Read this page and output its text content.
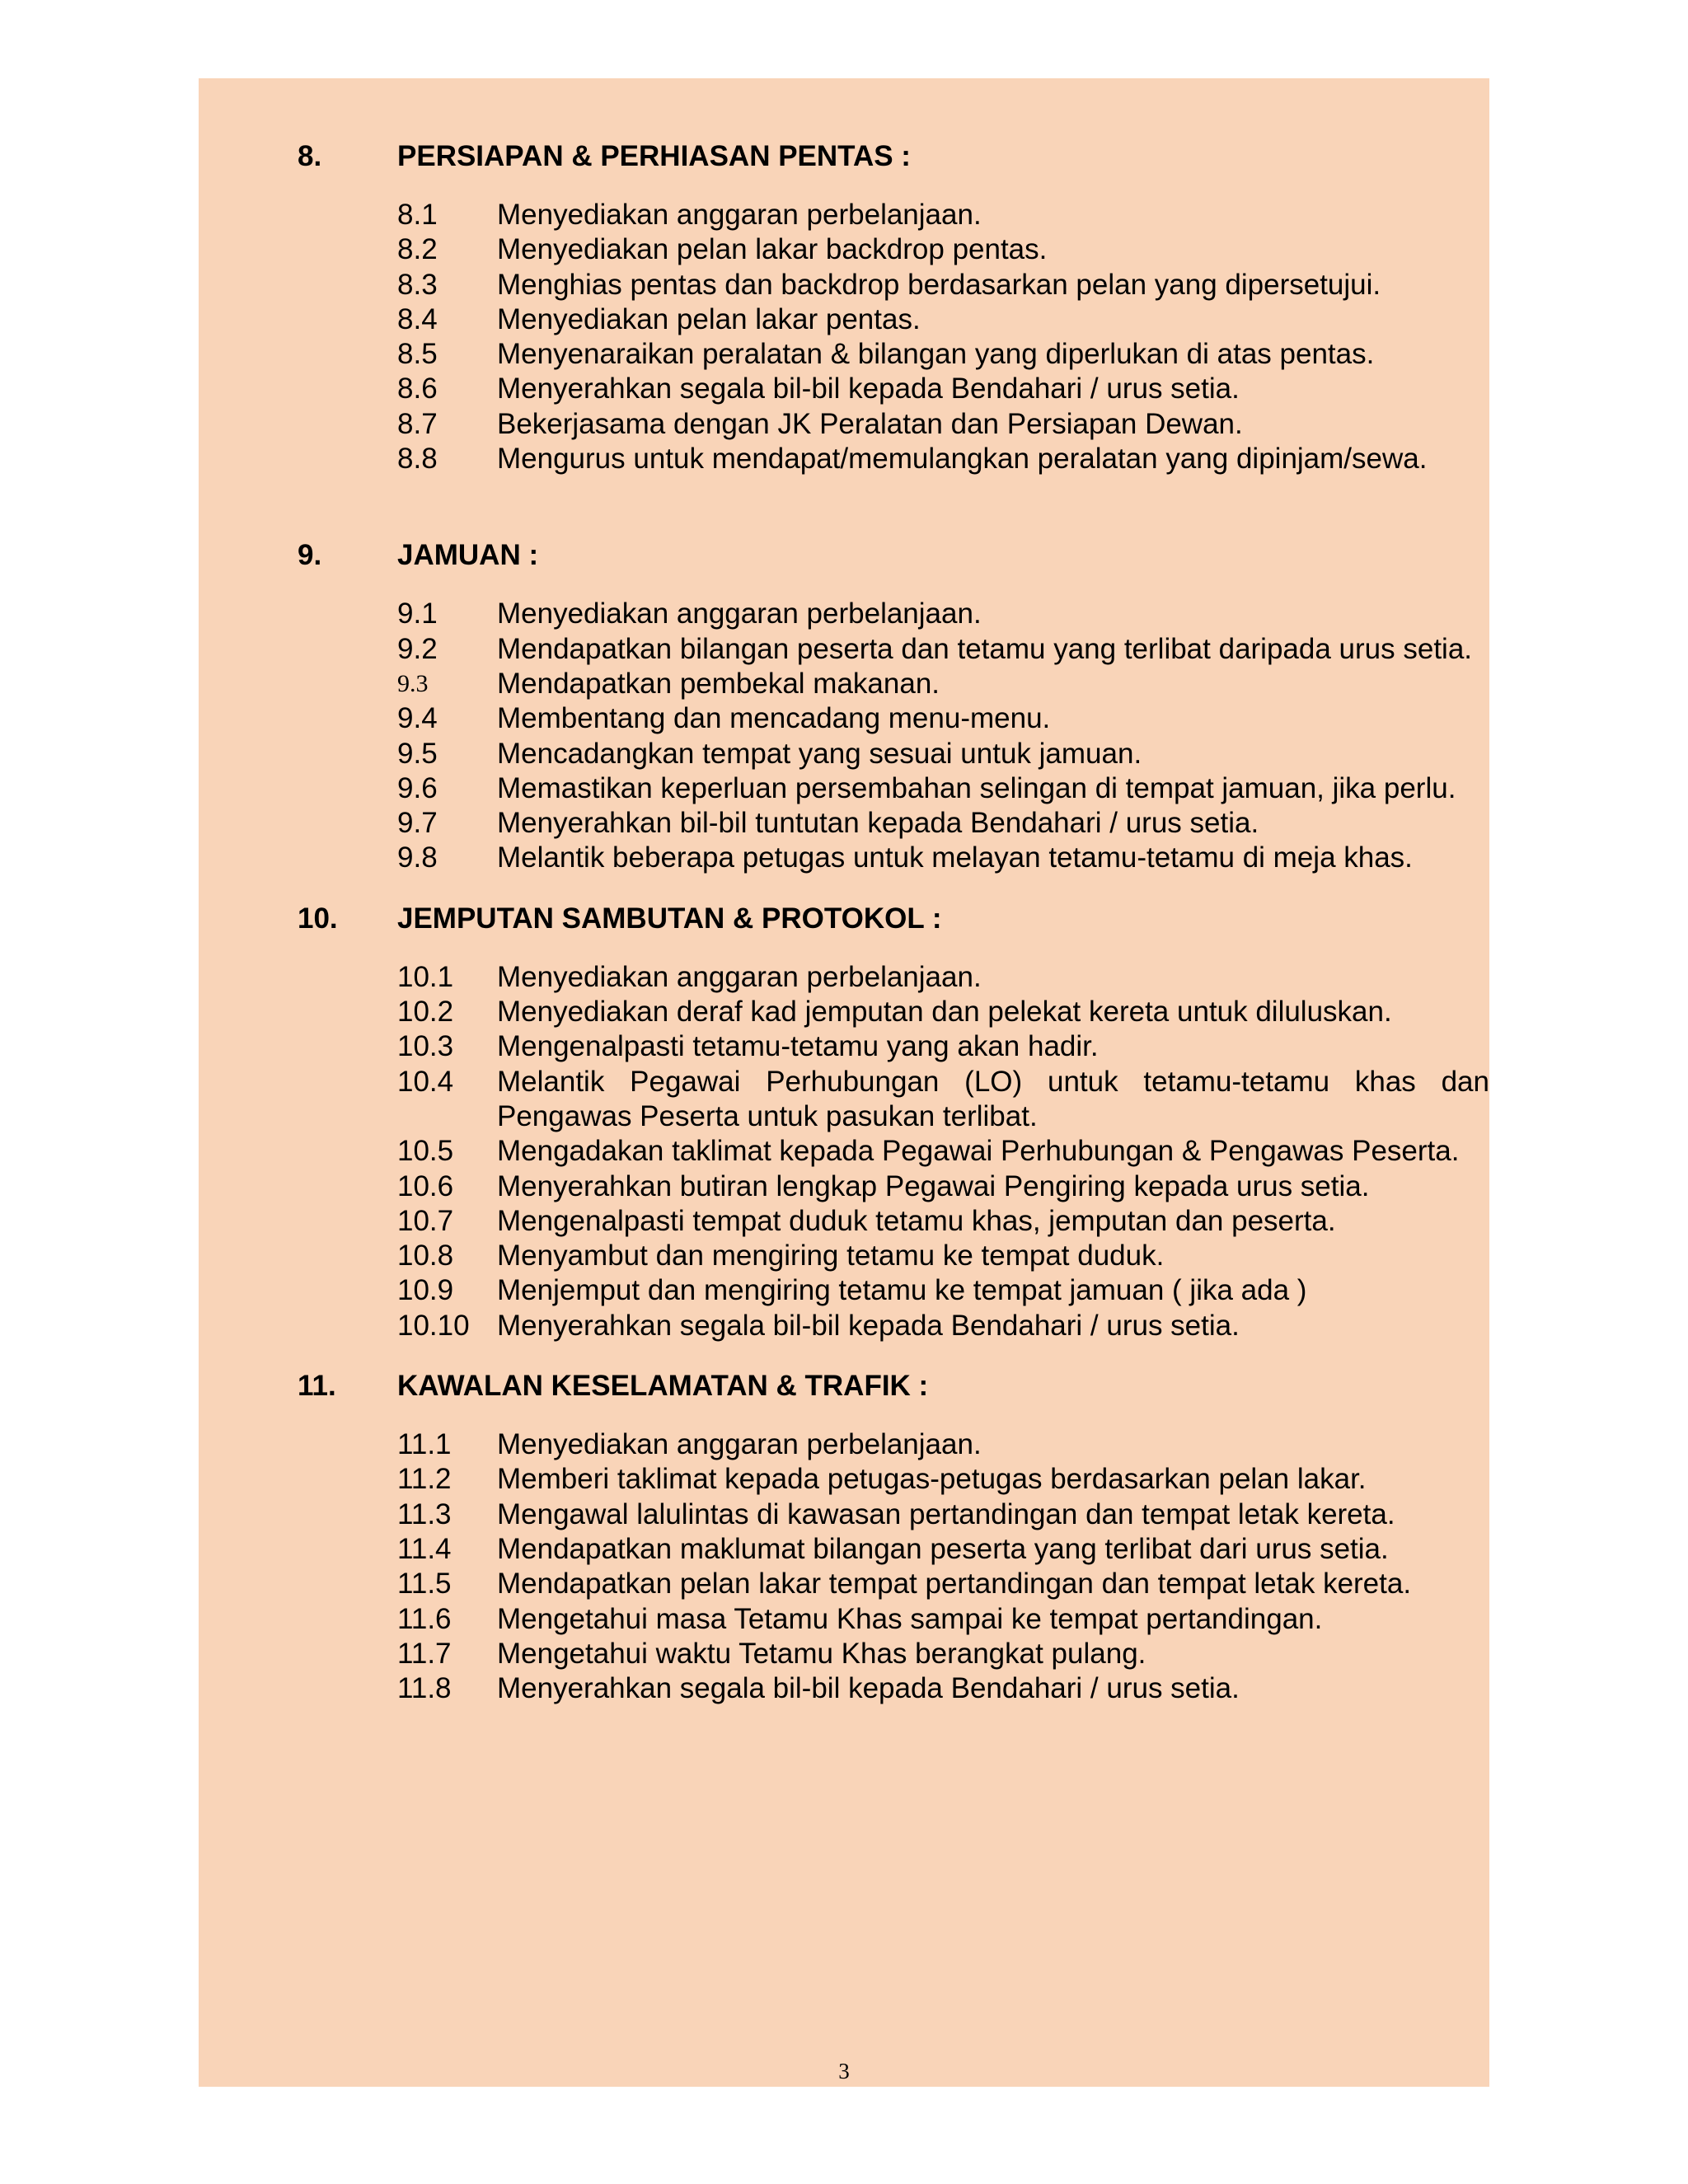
8.	PERSIAPAN & PERHIASAN PENTAS :
8.1	Menyediakan anggaran perbelanjaan.
8.2	Menyediakan pelan lakar backdrop pentas.
8.3	Menghias pentas dan backdrop berdasarkan pelan yang dipersetujui.
8.4	Menyediakan pelan lakar pentas.
8.5	Menyenaraikan peralatan & bilangan yang diperlukan di atas pentas.
8.6	Menyerahkan segala bil-bil kepada Bendahari / urus setia.
8.7	Bekerjasama dengan JK Peralatan dan Persiapan Dewan.
8.8	Mengurus untuk mendapat/memulangkan peralatan yang dipinjam/sewa.
9.	JAMUAN :
9.1	Menyediakan anggaran perbelanjaan.
9.2	Mendapatkan bilangan peserta dan tetamu yang terlibat daripada urus setia.
9.3	Mendapatkan pembekal makanan.
9.4	Membentang dan mencadang menu-menu.
9.5	Mencadangkan tempat yang sesuai untuk jamuan.
9.6	Memastikan keperluan persembahan selingan di tempat jamuan, jika perlu.
9.7	Menyerahkan bil-bil tuntutan kepada Bendahari / urus setia.
9.8	Melantik beberapa petugas untuk melayan tetamu-tetamu di meja khas.
10.	JEMPUTAN SAMBUTAN & PROTOKOL :
10.1	Menyediakan anggaran perbelanjaan.
10.2	Menyediakan deraf kad jemputan dan pelekat kereta untuk diluluskan.
10.3	Mengenalpasti tetamu-tetamu yang akan hadir.
10.4	Melantik Pegawai Perhubungan (LO) untuk tetamu-tetamu khas dan Pengawas Peserta untuk pasukan terlibat.
10.5	Mengadakan taklimat kepada Pegawai Perhubungan & Pengawas Peserta.
10.6	Menyerahkan butiran lengkap Pegawai Pengiring kepada urus setia.
10.7	Mengenalpasti tempat duduk tetamu khas, jemputan dan peserta.
10.8	Menyambut dan mengiring tetamu ke tempat duduk.
10.9	Menjemput dan mengiring tetamu ke tempat jamuan ( jika ada )
10.10 Menyerahkan segala bil-bil kepada Bendahari / urus setia.
11.	KAWALAN KESELAMATAN & TRAFIK :
11.1	Menyediakan anggaran perbelanjaan.
11.2	Memberi taklimat kepada petugas-petugas berdasarkan pelan lakar.
11.3	Mengawal lalulintas di kawasan pertandingan dan tempat letak kereta.
11.4	Mendapatkan maklumat bilangan peserta yang terlibat dari urus setia.
11.5	Mendapatkan pelan lakar tempat pertandingan dan tempat letak kereta.
11.6	Mengetahui masa Tetamu Khas sampai ke tempat pertandingan.
11.7	Mengetahui waktu Tetamu Khas berangkat pulang.
11.8	Menyerahkan segala bil-bil kepada Bendahari / urus setia.
3
